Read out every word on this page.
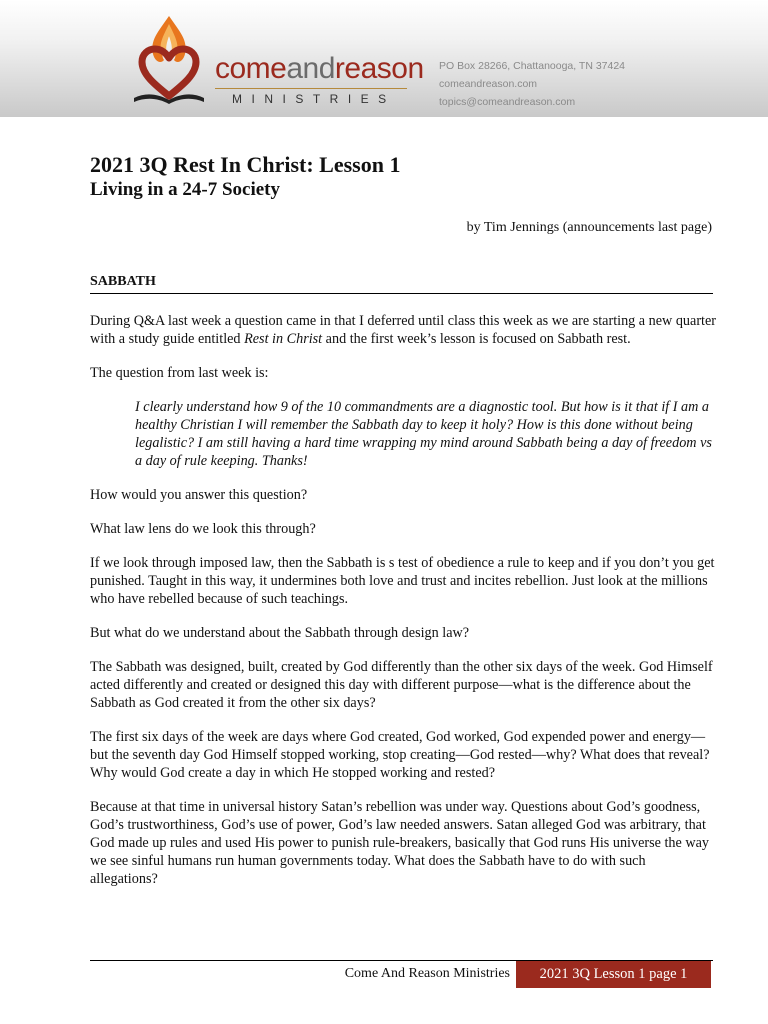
comeandreason
MINISTRIES
PO Box 28266, Chattanooga, TN 37424
comeandreason.com
topics@comeandreason.com
2021 3Q Rest In Christ: Lesson 1
Living in a 24-7 Society
by Tim Jennings (announcements last page)
SABBATH

During Q&A last week a question came in that I deferred until class this week as we are starting a new quarter with a study guide entitled Rest in Christ and the first week’s lesson is focused on Sabbath rest.

The question from last week is:

I clearly understand how 9 of the 10 commandments are a diagnostic tool. But how is it that if I am a healthy Christian I will remember the Sabbath day to keep it holy? How is this done without being legalistic? I am still having a hard time wrapping my mind around Sabbath being a day of freedom vs a day of rule keeping. Thanks!

How would you answer this question?

What law lens do we look this through?

If we look through imposed law, then the Sabbath is s test of obedience a rule to keep and if you don’t you get punished. Taught in this way, it undermines both love and trust and incites rebellion. Just look at the millions who have rebelled because of such teachings.

But what do we understand about the Sabbath through design law?

The Sabbath was designed, built, created by God differently than the other six days of the week. God Himself acted differently and created or designed this day with different purpose—what is the difference about the Sabbath as God created it from the other six days?

The first six days of the week are days where God created, God worked, God expended power and energy—but the seventh day God Himself stopped working, stop creating—God rested—why? What does that reveal? Why would God create a day in which He stopped working and rested?

Because at that time in universal history Satan’s rebellion was under way. Questions about God’s goodness, God’s trustworthiness, God’s use of power, God’s law needed answers. Satan alleged God was arbitrary, that God made up rules and used His power to punish rule-breakers, basically that God runs His universe the way we see sinful humans run human governments today. What does the Sabbath have to do with such allegations?

Come And Reason Ministries	2021 3Q Lesson 1 page 1
